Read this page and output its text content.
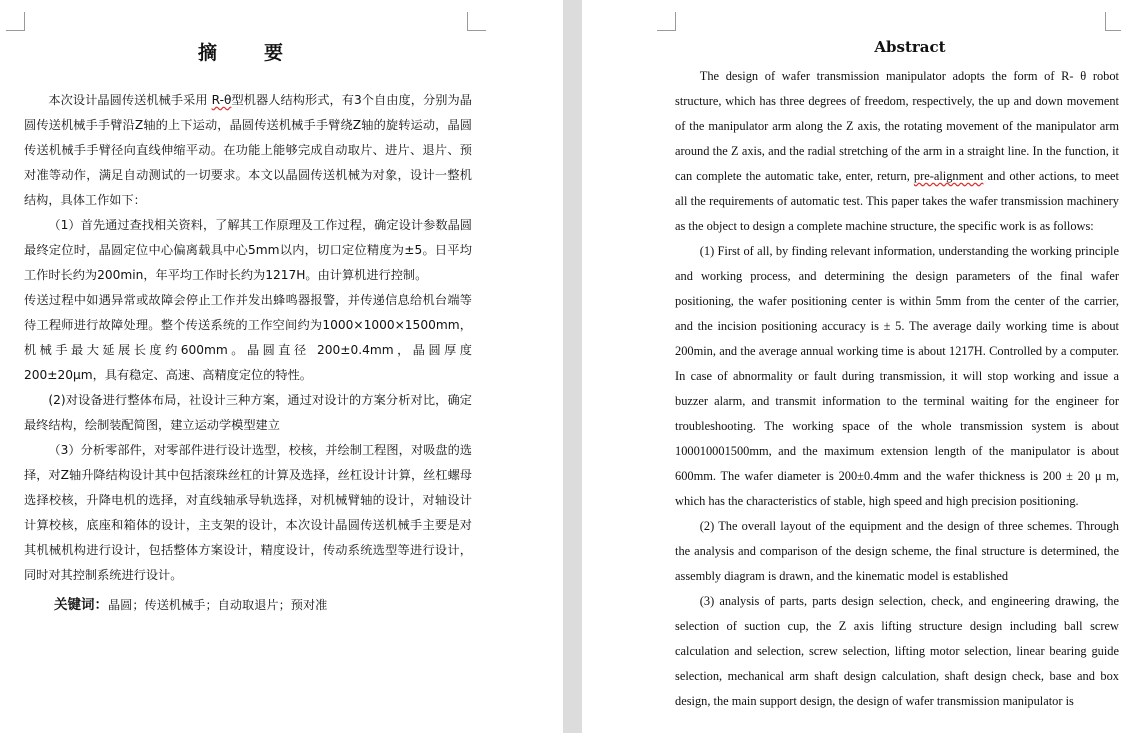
摘　要

本次设计晶圆传送机械手采用 R-θ型机器人结构形式，有3个自由度，分别为晶圆传送机械手手臂沿Z轴的上下运动，晶圆传送机械手手臂绕Z轴的旋转运动，晶圆传送机械手手臂径向直线伸缩平动。在功能上能够完成自动取片、进片、退片、预对准等动作，满足自动测试的一切要求。本文以晶圆传送机械为对象，设计一整机结构，具体工作如下：

（1）首先通过查找相关资料，了解其工作原理及工作过程，确定设计参数晶圆最终定位时，晶圆定位中心偏离载具中心5mm以内，切口定位精度为±5。日平均工作时长约为200min，年平均工作时长约为1217H。由计算机进行控制。

传送过程中如遇异常或故障会停止工作并发出蜂鸣器报警，并传递信息给机台端等待工程师进行故障处理。整个传送系统的工作空间约为1000×1000×1500mm，机械手最大延展长度约600mm。晶圆直径 200±0.4mm，晶圆厚度200±20μm，具有稳定、高速、高精度定位的特性。

(2)对设备进行整体布局，社设计三种方案，通过对设计的方案分析对比，确定最终结构，绘制装配简图，建立运动学模型建立

（3）分析零部件，对零部件进行设计选型，校核，并绘制工程图，对吸盘的选择，对Z轴升降结构设计其中包括滚珠丝杠的计算及选择，丝杠设计计算，丝杠螺母选择校核，升降电机的选择，对直线轴承导轨选择，对机械臂轴的设计，对轴设计计算校核，底座和箱体的设计，主支架的设计，本次设计晶圆传送机械手主要是对其机械机构进行设计，包括整体方案设计，精度设计，传动系统选型等进行设计，同时对其控制系统进行设计。

关键词：晶圆；传送机械手；自动取退片；预对准
Abstract

The design of wafer transmission manipulator adopts the form of R- θ robot structure, which has three degrees of freedom, respectively, the up and down movement of the manipulator arm along the Z axis, the rotating movement of the manipulator arm around the Z axis, and the radial stretching of the arm in a straight line. In the function, it can complete the automatic take, enter, return, pre-alignment and other actions, to meet all the requirements of automatic test. This paper takes the wafer transmission machinery as the object to design a complete machine structure, the specific work is as follows:

(1) First of all, by finding relevant information, understanding the working principle and working process, and determining the design parameters of the final wafer positioning, the wafer positioning center is within 5mm from the center of the carrier, and the incision positioning accuracy is ± 5. The average daily working time is about 200min, and the average annual working time is about 1217H. Controlled by a computer. In case of abnormality or fault during transmission, it will stop working and issue a buzzer alarm, and transmit information to the terminal waiting for the engineer for troubleshooting. The working space of the whole transmission system is about 10001000150​0mm, and the maximum extension length of the manipulator is about 600mm. The wafer diameter is 200±0.4mm and the wafer thickness is 200 ± 20 μ m, which has the characteristics of stable, high speed and high precision positioning.

(2) The overall layout of the equipment and the design of three schemes. Through the analysis and comparison of the design scheme, the final structure is determined, the assembly diagram is drawn, and the kinematic model is established

(3) analysis of parts, parts design selection, check, and engineering drawing, the selection of suction cup, the Z axis lifting structure design including ball screw calculation and selection, screw selection, lifting motor selection, linear bearing guide selection, mechanical arm shaft design calculation, shaft design check, base and box design, the main support design, the design of wafer transmission manipulator is
